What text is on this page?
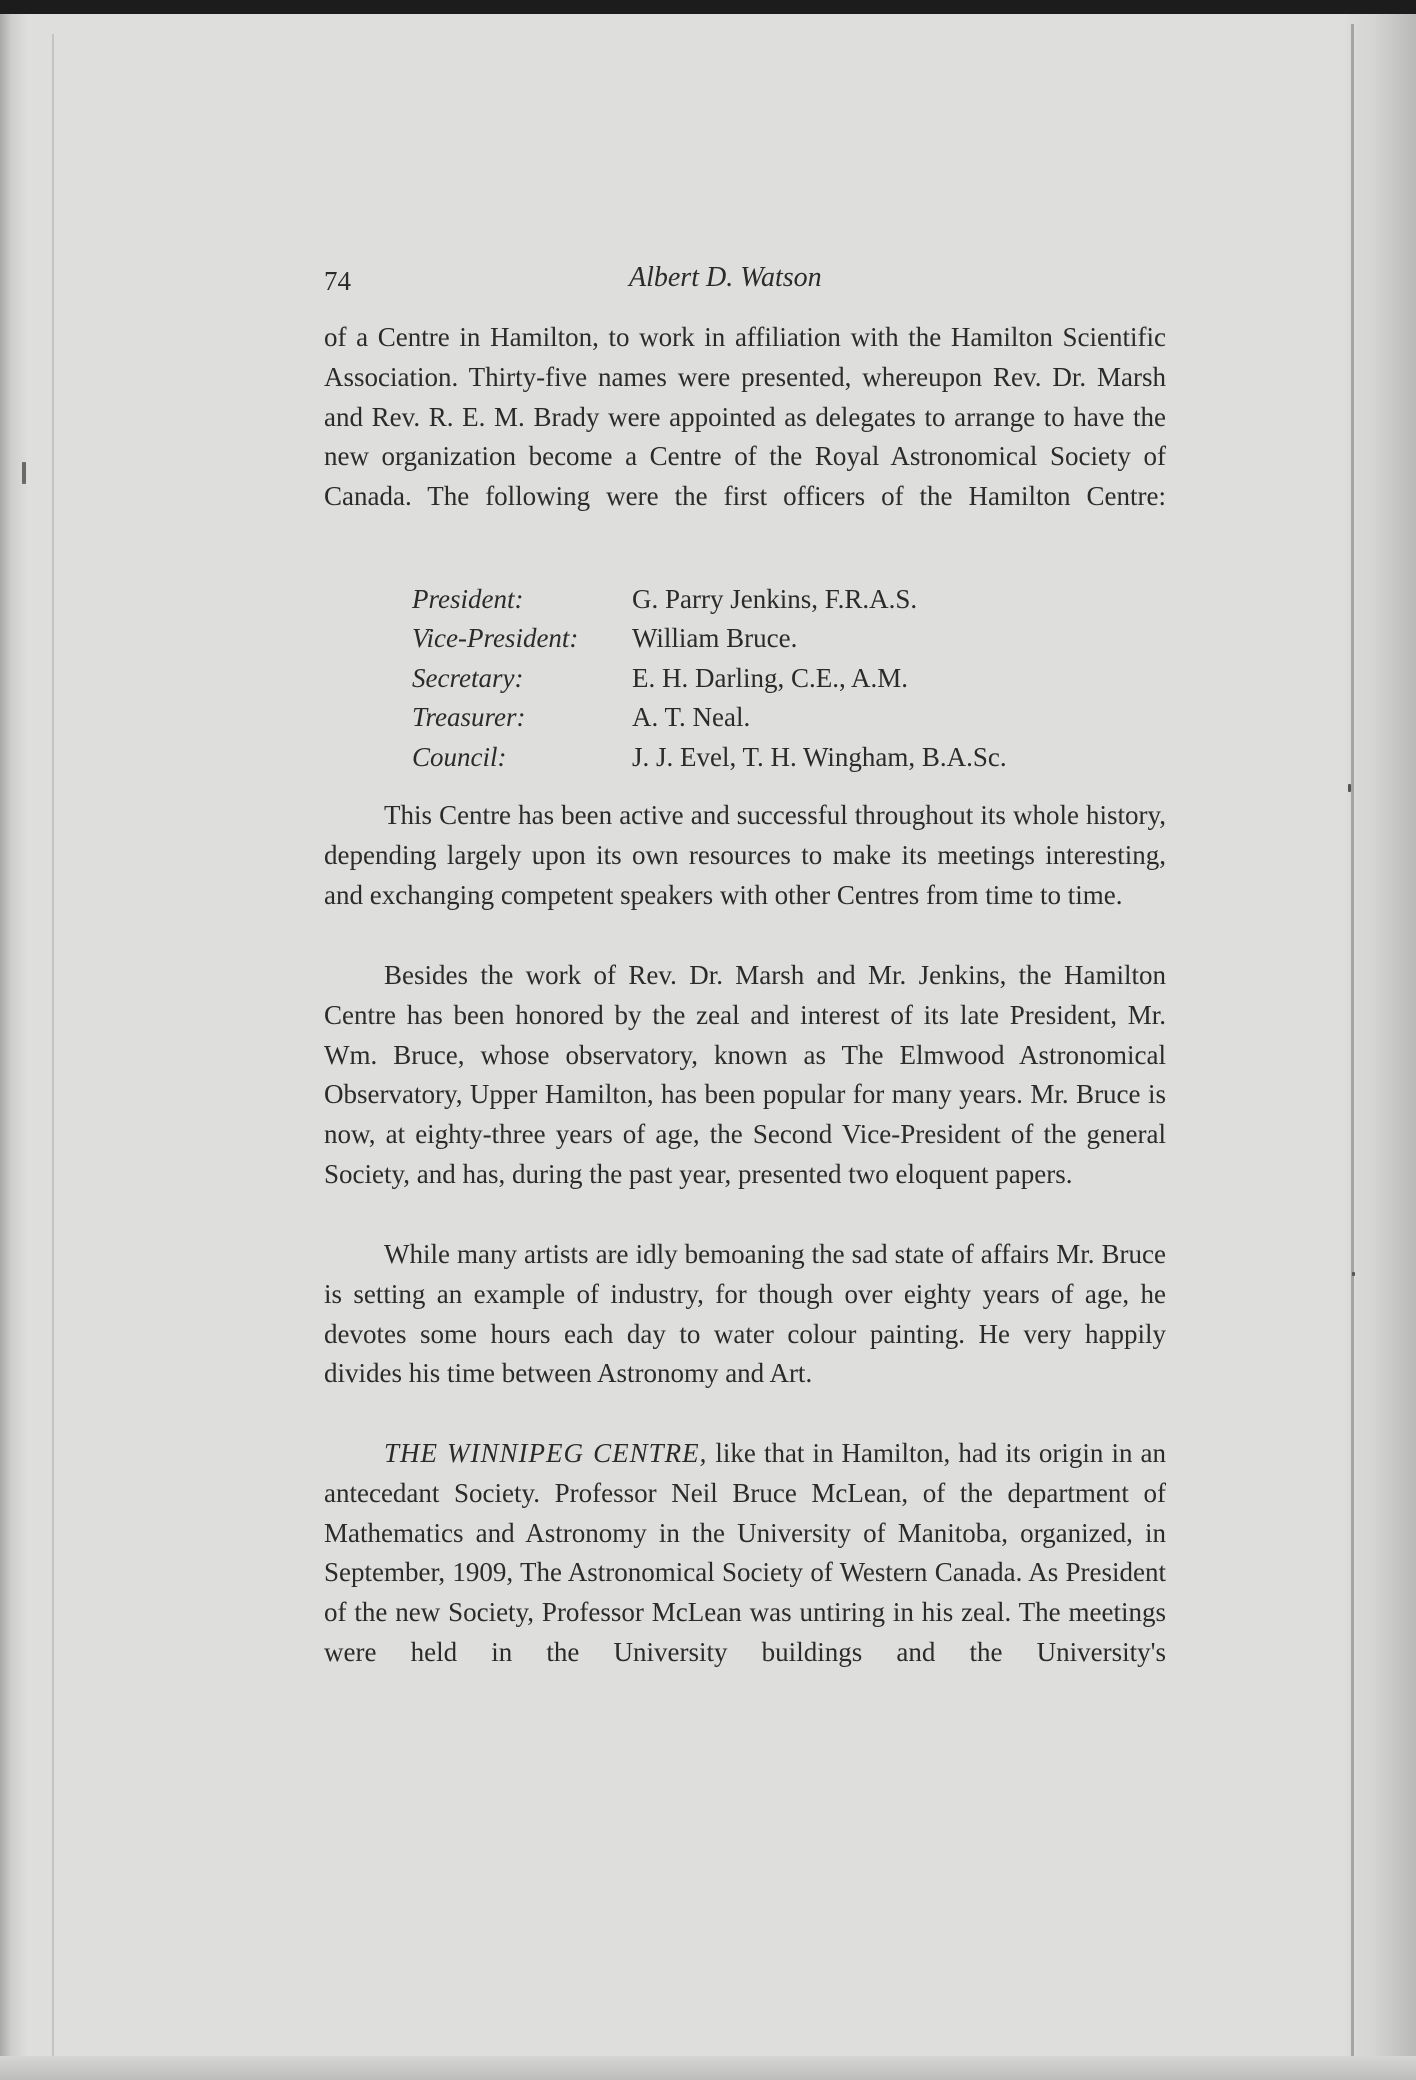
74	Albert D. Watson

of a Centre in Hamilton, to work in affiliation with the Hamilton Scientific Association. Thirty-five names were presented, whereupon Rev. Dr. Marsh and Rev. R. E. M. Brady were appointed as delegates to arrange to have the new organization become a Centre of the Royal Astronomical Society of Canada. The following were the first officers of the Hamilton Centre:

President:	G. Parry Jenkins, F.R.A.S.
Vice-President: William Bruce.
Secretary:	E. H. Darling, C.E., A.M.
Treasurer:	A. T. Neal.
Council:	J. J. Evel, T. H. Wingham, B.A.Sc.

This Centre has been active and successful throughout its whole history, depending largely upon its own resources to make its meetings interesting, and exchanging competent speakers with other Centres from time to time.

Besides the work of Rev. Dr. Marsh and Mr. Jenkins, the Hamilton Centre has been honored by the zeal and interest of its late President, Mr. Wm. Bruce, whose observatory, known as The Elmwood Astronomical Observatory, Upper Hamilton, has been popular for many years. Mr. Bruce is now, at eighty-three years of age, the Second Vice-President of the general Society, and has, during the past year, presented two eloquent papers.

While many artists are idly bemoaning the sad state of affairs Mr. Bruce is setting an example of industry, for though over eighty years of age, he devotes some hours each day to water colour painting. He very happily divides his time between Astronomy and Art.

THE WINNIPEG CENTRE, like that in Hamilton, had its origin in an antecedant Society. Professor Neil Bruce McLean, of the department of Mathematics and Astronomy in the University of Manitoba, organized, in September, 1909, The Astronomical Society of Western Canada. As President of the new Society, Professor McLean was untiring in his zeal. The meetings were held in the University buildings and the University's
